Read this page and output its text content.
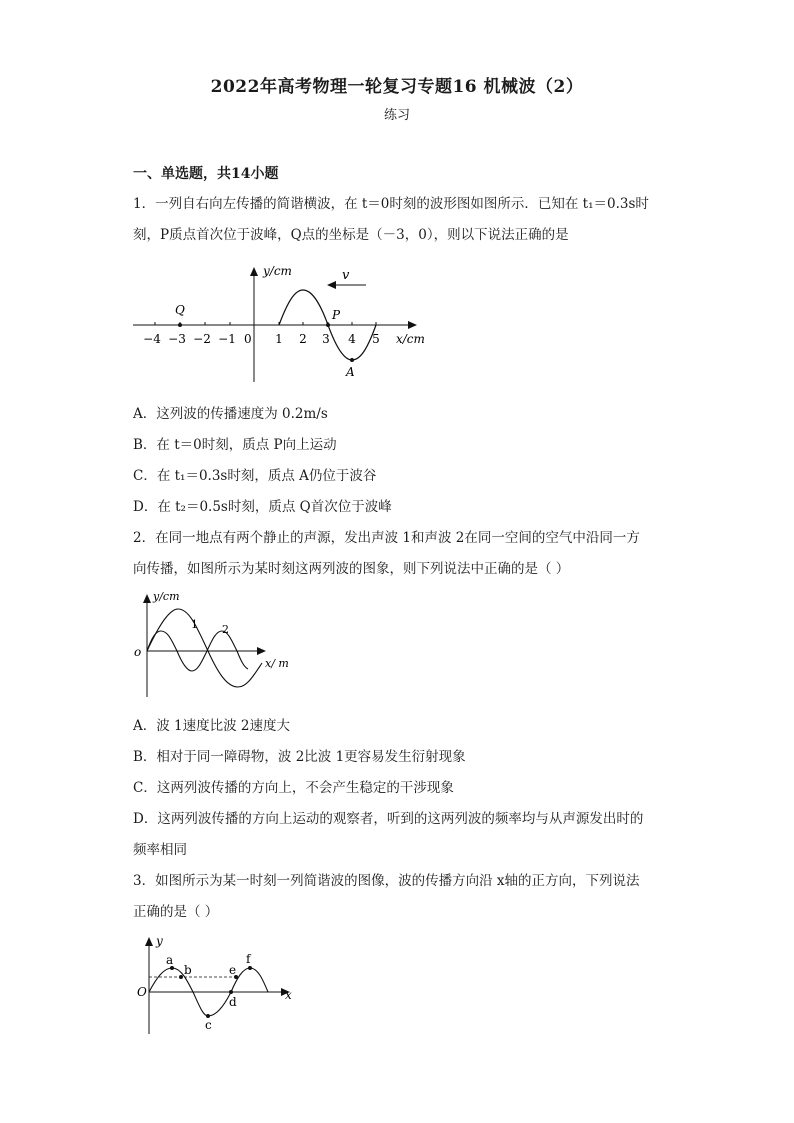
2022年高考物理一轮复习专题16 机械波（2）
练习
一、单选题，共14小题
1．一列自右向左传播的简谐横波，在 t＝0时刻的波形图如图所示．已知在 t₁＝0.3s时
刻，P质点首次位于波峰，Q点的坐标是（－3，0），则以下说法正确的是
y/cm
x/cm
v
Q	P
A
0
−4 −3 −2 −1	1 2 3 4 5
A．这列波的传播速度为 0.2m/s
B．在 t＝0时刻，质点 P向上运动
C．在 t₁＝0.3s时刻，质点 A仍位于波谷
D．在 t₂＝0.5s时刻，质点 Q首次位于波峰
2．在同一地点有两个静止的声源，发出声波 1和声波 2在同一空间的空气中沿同一方
向传播，如图所示为某时刻这两列波的图象，则下列说法中正确的是（ ）
y/cm
x/ m
o
1 2
A．波 1速度比波 2速度大
B．相对于同一障碍物，波 2比波 1更容易发生衍射现象
C．这两列波传播的方向上，不会产生稳定的干涉现象
D．这两列波传播的方向上运动的观察者，听到的这两列波的频率均与从声源发出时的
频率相同
3．如图所示为某一时刻一列简谐波的图像，波的传播方向沿 x轴的正方向，下列说法
正确的是（ ）
y
x
O
a
b
c
d
e
f
